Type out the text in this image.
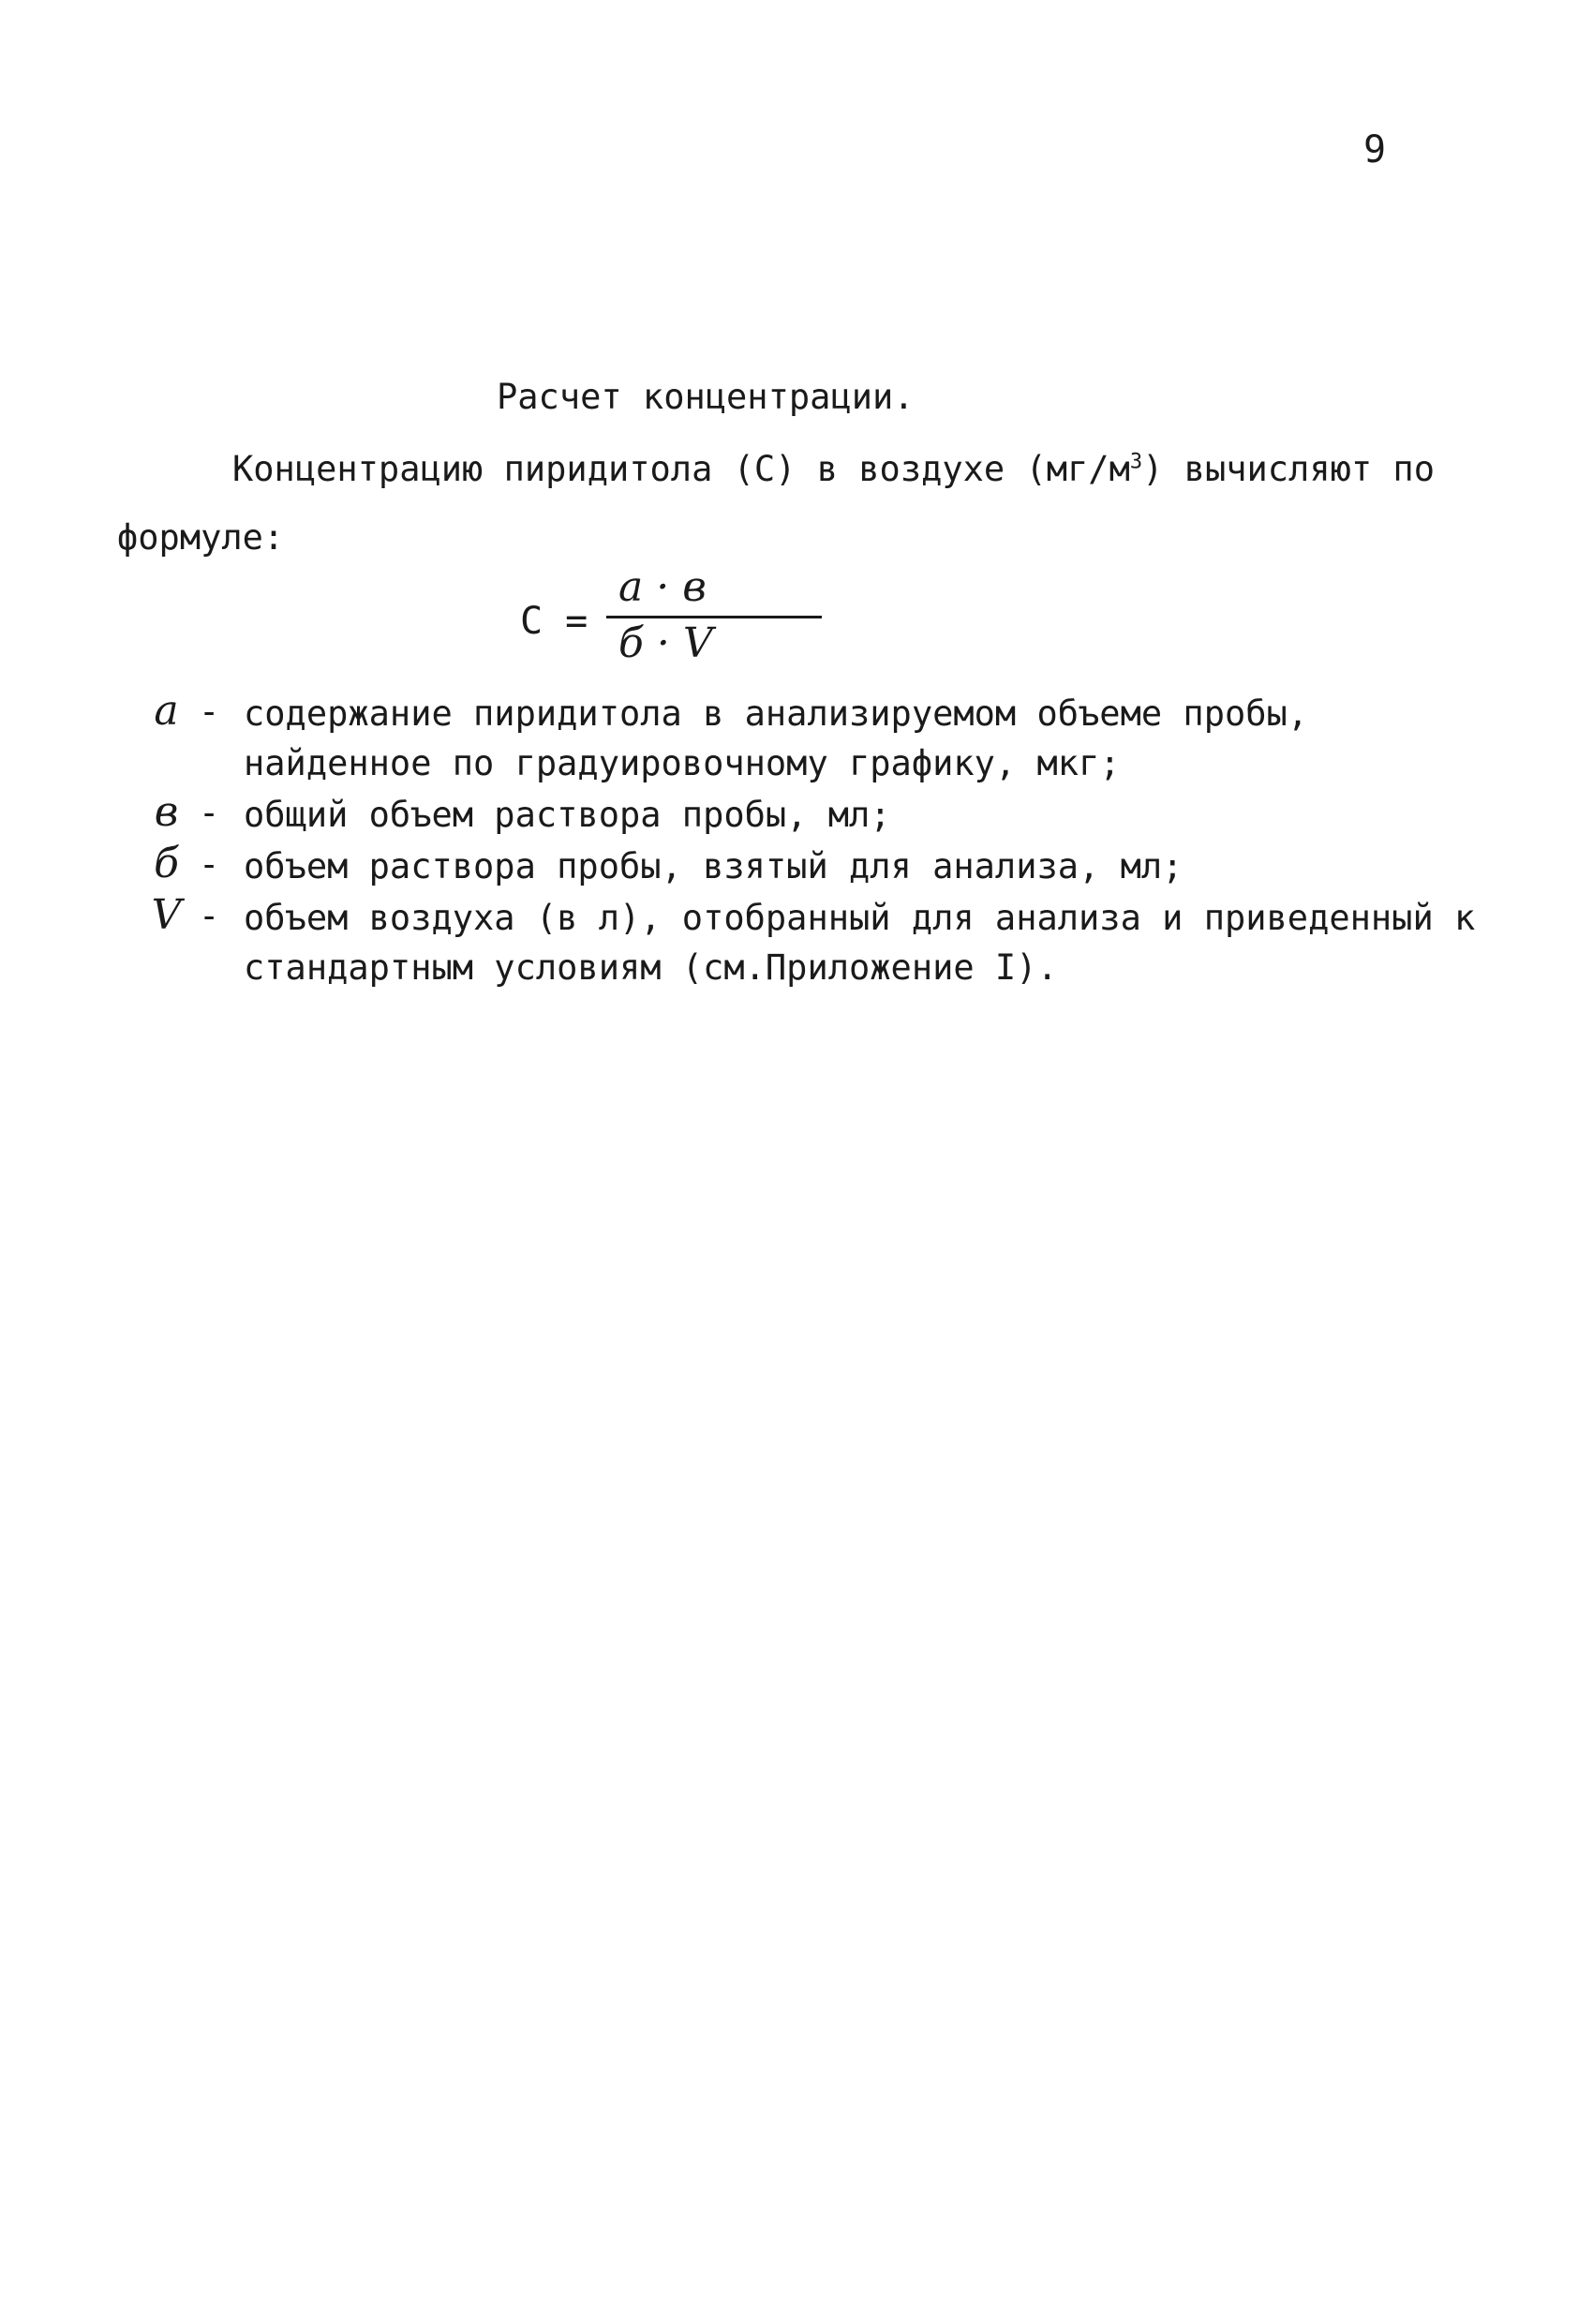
9
Расчет концентрации.
Концентрацию пиридитола (С) в воздухе $(мг/м^3)$ вычисляют по
формуле:
С =
a · в
б · V
a - содержание пиридитола в анализируемом объеме пробы, найденное по градуировочному графику, мкг;
в - общий объем раствора пробы, мл;
б - объем раствора пробы, взятый для анализа, мл;
V - объем воздуха (в л), отобранный для анализа и приведенный к стандартным условиям (см.Приложение I).
